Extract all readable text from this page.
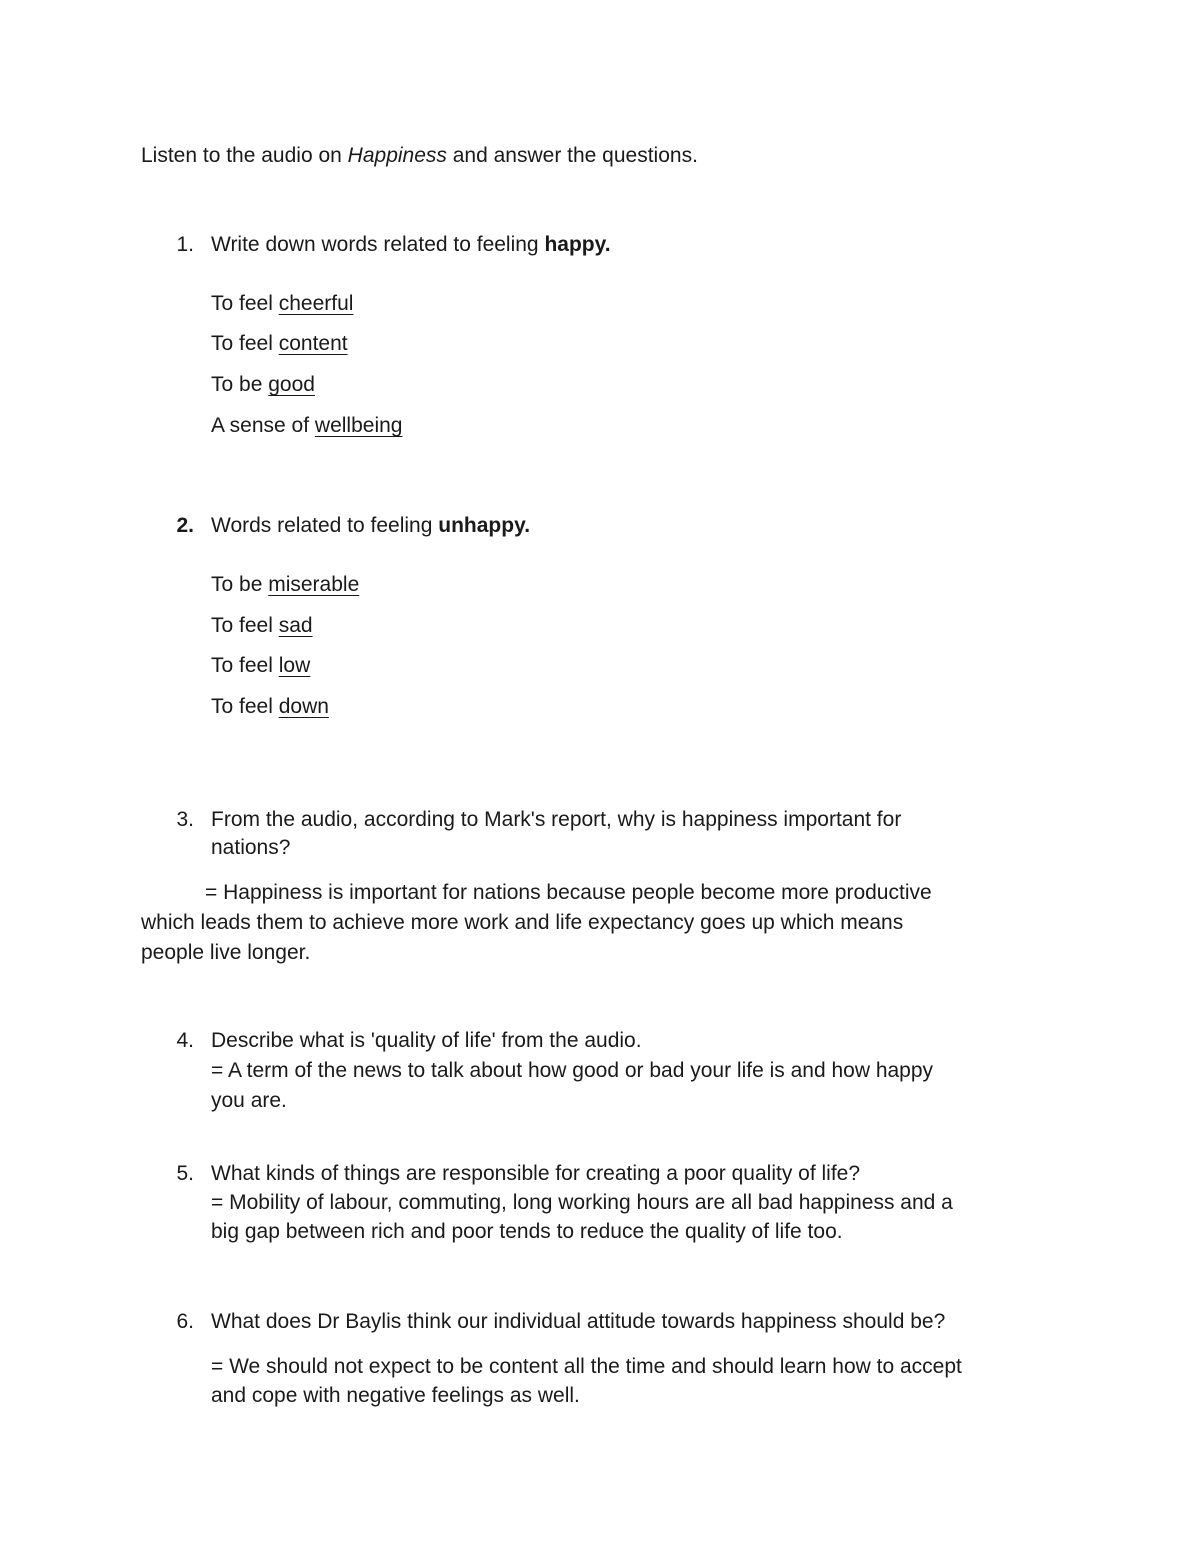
Listen to the audio on Happiness and answer the questions.
1. Write down words related to feeling happy.
To feel cheerful
To feel content
To be good
A sense of wellbeing
2. Words related to feeling unhappy.
To be miserable
To feel sad
To feel low
To feel down
3. From the audio, according to Mark's report, why is happiness important for
nations?
= Happiness is important for nations because people become more productive
which leads them to achieve more work and life expectancy goes up which means
people live longer.
4. Describe what is 'quality of life' from the audio.
= A term of the news to talk about how good or bad your life is and how happy
you are.
5. What kinds of things are responsible for creating a poor quality of life?
= Mobility of labour, commuting, long working hours are all bad happiness and a
big gap between rich and poor tends to reduce the quality of life too.
6. What does Dr Baylis think our individual attitude towards happiness should be?
= We should not expect to be content all the time and should learn how to accept
and cope with negative feelings as well.
